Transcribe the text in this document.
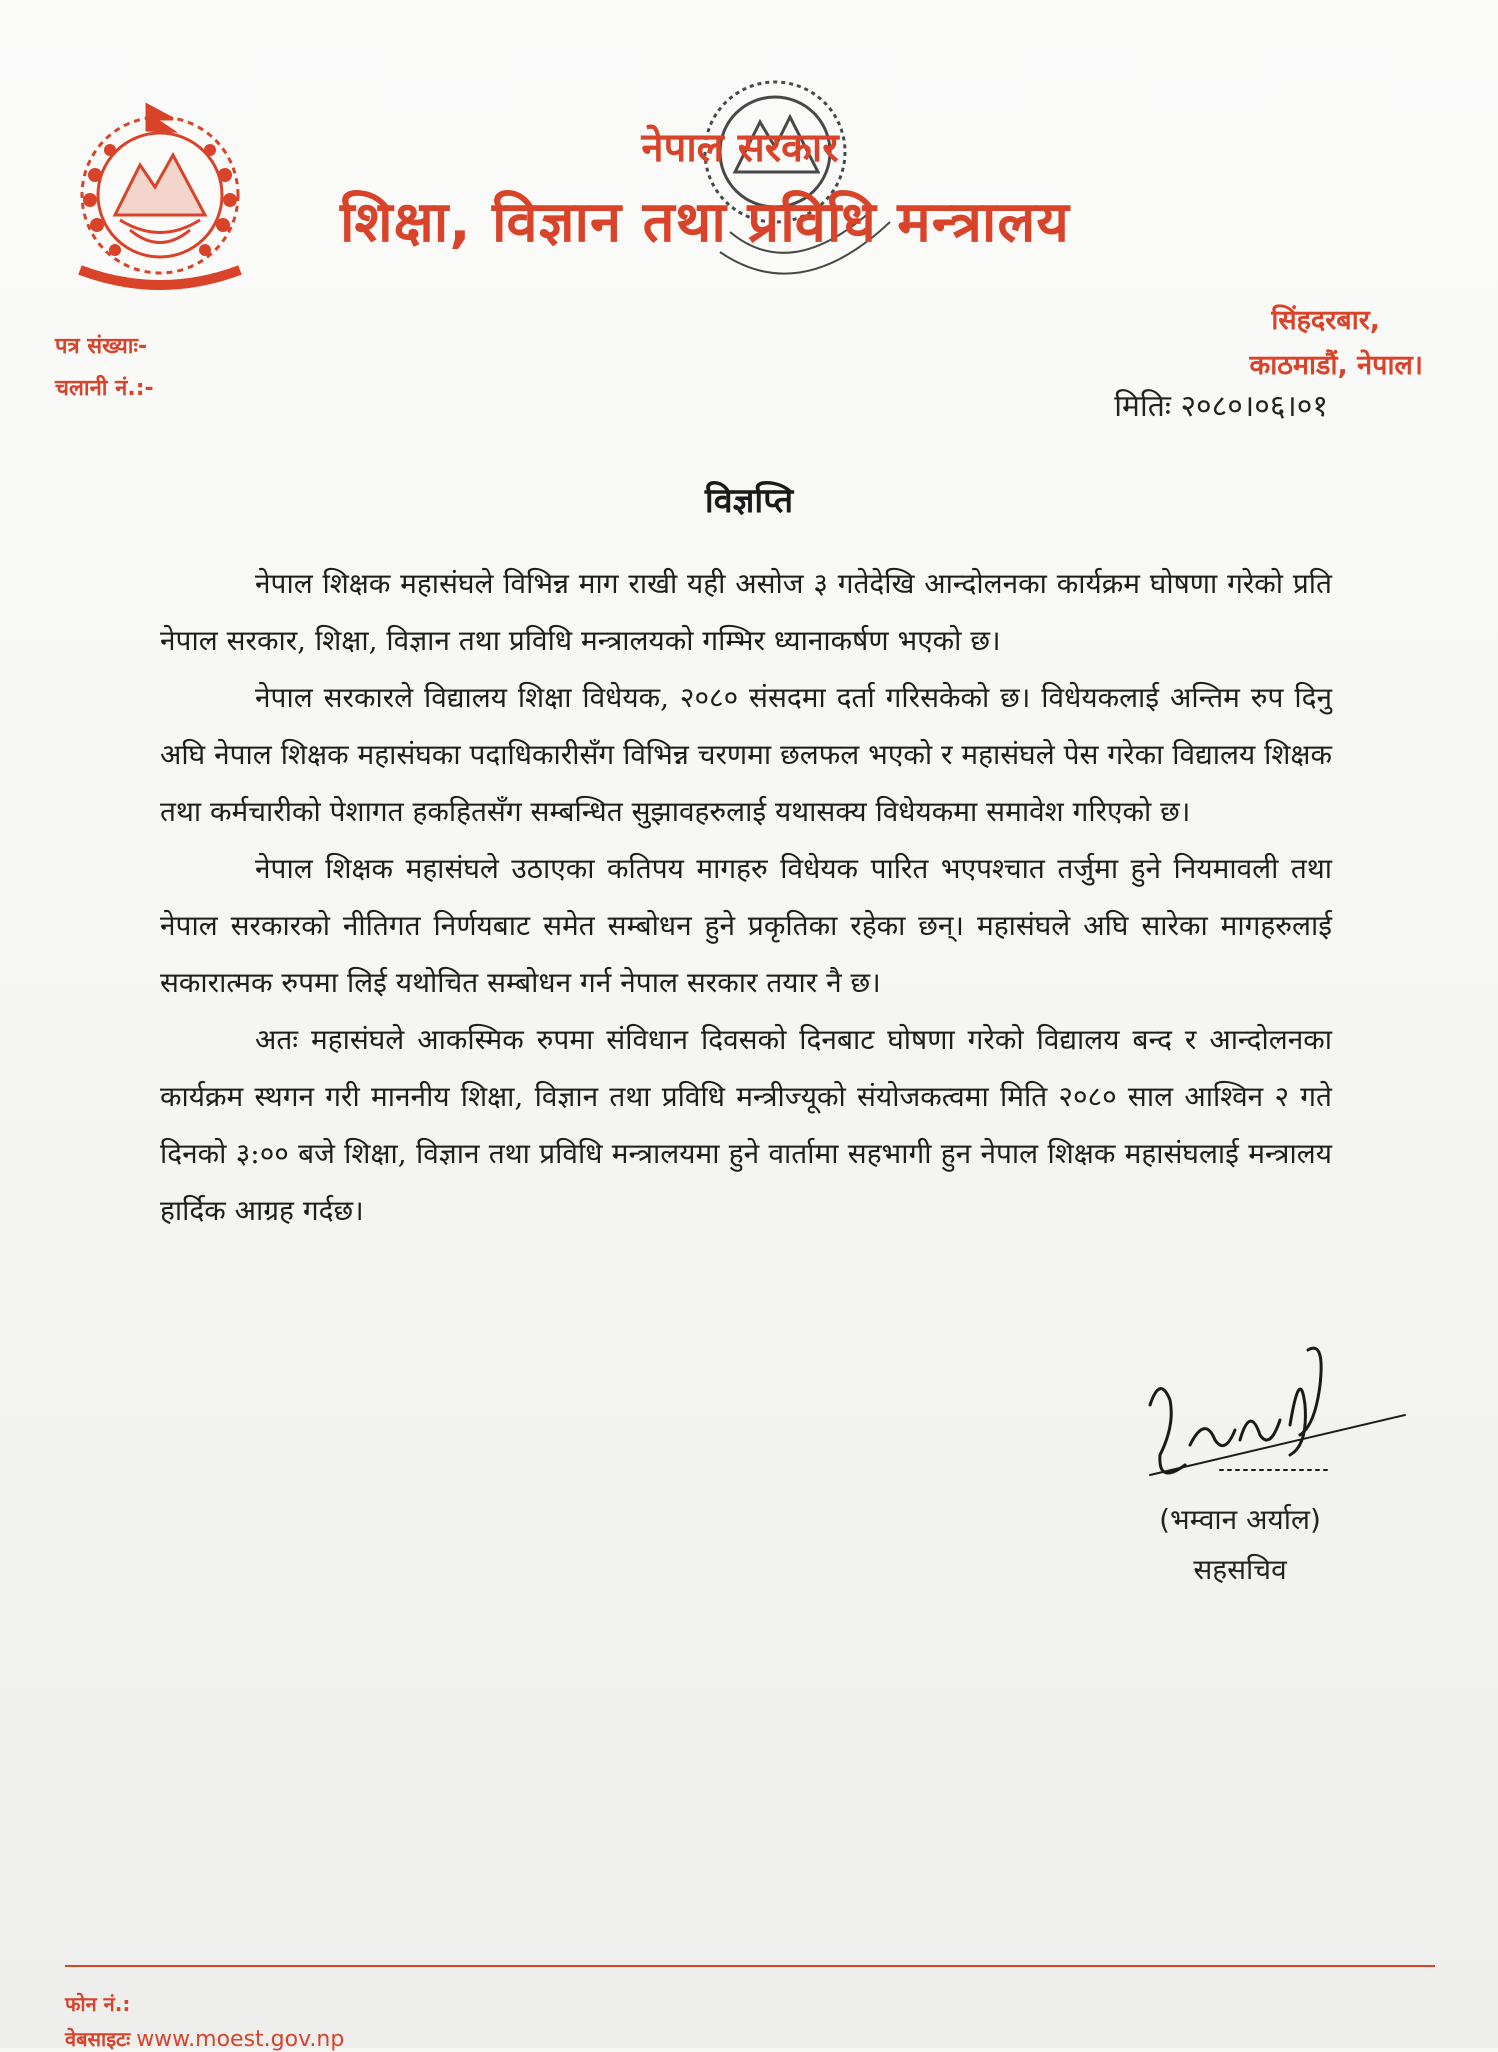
नेपाल सरकार
शिक्षा, विज्ञान तथा प्रविधि मन्त्रालय
पत्र संख्याः-
चलानी नं.:-
सिंहदरबार,
काठमाडौं, नेपाल।
मितिः २०८०।०६।०१
विज्ञप्ति

नेपाल शिक्षक महासंघले विभिन्न माग राखी यही असोज ३ गतेदेखि आन्दोलनका कार्यक्रम घोषणा गरेको प्रति नेपाल सरकार, शिक्षा, विज्ञान तथा प्रविधि मन्त्रालयको गम्भिर ध्यानाकर्षण भएको छ।

नेपाल सरकारले विद्यालय शिक्षा विधेयक, २०८० संसदमा दर्ता गरिसकेको छ। विधेयकलाई अन्तिम रुप दिनु अघि नेपाल शिक्षक महासंघका पदाधिकारीसँग विभिन्न चरणमा छलफल भएको र महासंघले पेस गरेका विद्यालय शिक्षक तथा कर्मचारीको पेशागत हकहितसँग सम्बन्धित सुझावहरुलाई यथासक्य विधेयकमा समावेश गरिएको छ।

नेपाल शिक्षक महासंघले उठाएका कतिपय मागहरु विधेयक पारित भएपश्चात तर्जुमा हुने नियमावली तथा नेपाल सरकारको नीतिगत निर्णयबाट समेत सम्बोधन हुने प्रकृतिका रहेका छन्। महासंघले अघि सारेका मागहरुलाई सकारात्मक रुपमा लिई यथोचित सम्बोधन गर्न नेपाल सरकार तयार नै छ।

अतः महासंघले आकस्मिक रुपमा संविधान दिवसको दिनबाट घोषणा गरेको विद्यालय बन्द र आन्दोलनका कार्यक्रम स्थगन गरी माननीय शिक्षा, विज्ञान तथा प्रविधि मन्त्रीज्यूको संयोजकत्वमा मिति २०८० साल आश्विन २ गते दिनको ३:०० बजे शिक्षा, विज्ञान तथा प्रविधि मन्त्रालयमा हुने वार्तामा सहभागी हुन नेपाल शिक्षक महासंघलाई मन्त्रालय हार्दिक आग्रह गर्दछ।

(भम्वान अर्याल)
सहसचिव
फोन नं.:
वेबसाइटः www.moest.gov.np
